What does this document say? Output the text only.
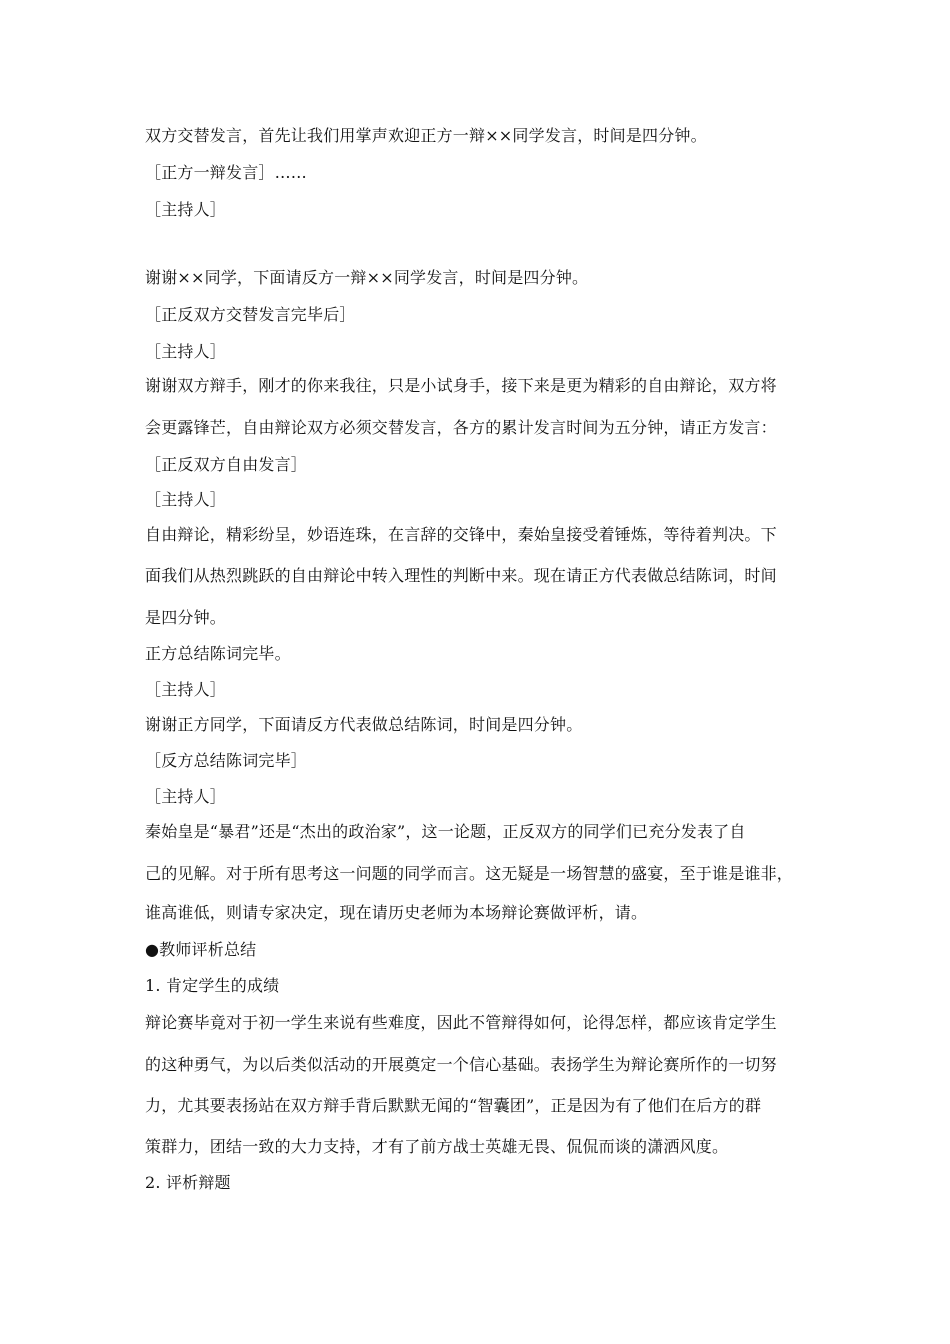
双方交替发言，首先让我们用掌声欢迎正方一辩××同学发言，时间是四分钟。
［正方一辩发言］……
［主持人］
谢谢××同学，下面请反方一辩××同学发言，时间是四分钟。
［正反双方交替发言完毕后］
［主持人］
谢谢双方辩手，刚才的你来我往，只是小试身手，接下来是更为精彩的自由辩论，双方将
会更露锋芒，自由辩论双方必须交替发言，各方的累计发言时间为五分钟，请正方发言：
［正反双方自由发言］
［主持人］
自由辩论，精彩纷呈，妙语连珠，在言辞的交锋中，秦始皇接受着锤炼，等待着判决。下
面我们从热烈跳跃的自由辩论中转入理性的判断中来。现在请正方代表做总结陈词，时间
是四分钟。
正方总结陈词完毕。
［主持人］
谢谢正方同学，下面请反方代表做总结陈词，时间是四分钟。
［反方总结陈词完毕］
［主持人］
秦始皇是“暴君”还是“杰出的政治家”，这一论题，正反双方的同学们已充分发表了自
己的见解。对于所有思考这一问题的同学而言。这无疑是一场智慧的盛宴，至于谁是谁非，
谁高谁低，则请专家决定，现在请历史老师为本场辩论赛做评析，请。
●教师评析总结
1. 肯定学生的成绩
辩论赛毕竟对于初一学生来说有些难度，因此不管辩得如何，论得怎样，都应该肯定学生
的这种勇气，为以后类似活动的开展奠定一个信心基础。表扬学生为辩论赛所作的一切努
力，尤其要表扬站在双方辩手背后默默无闻的“智囊团”，正是因为有了他们在后方的群
策群力，团结一致的大力支持，才有了前方战士英雄无畏、侃侃而谈的潇洒风度。
2. 评析辩题
